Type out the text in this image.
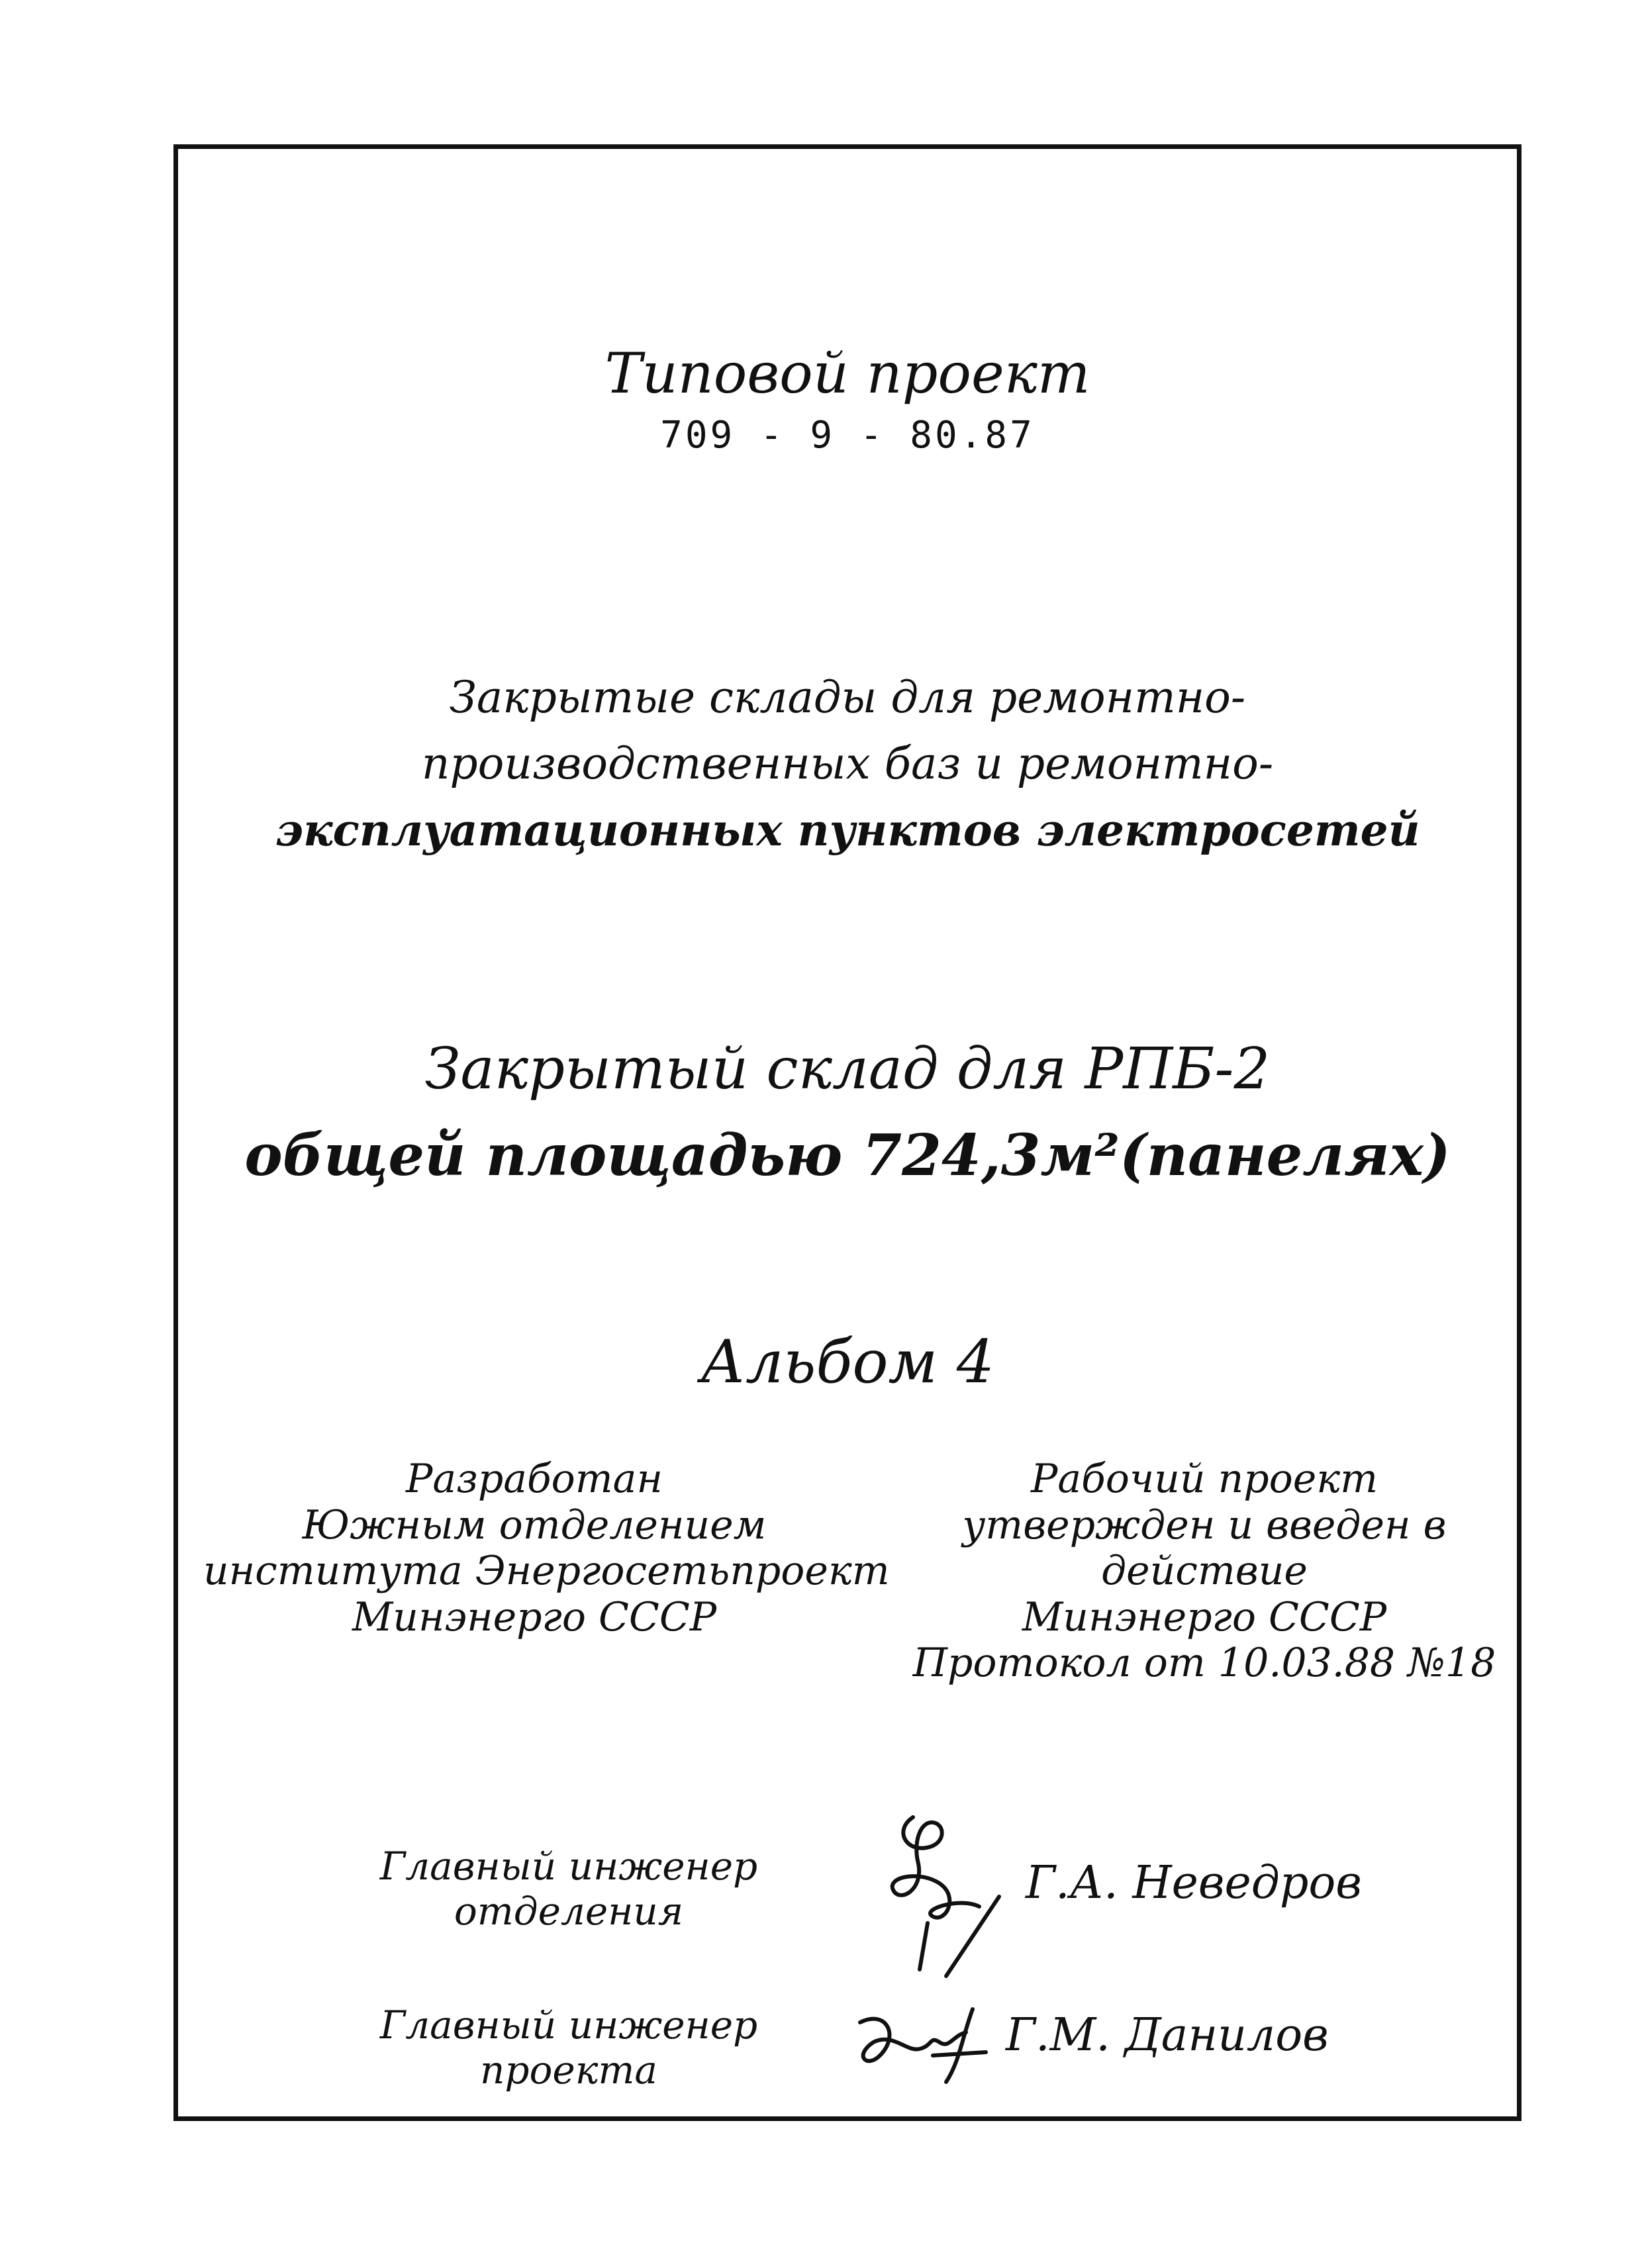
Типовой проект
709 - 9 - 80.87
Закрытые склады для ремонтно-
производственных баз и ремонтно-
эксплуатационных пунктов электросетей
Закрытый склад для РПБ-2
общей площадью 724,3м²(панелях)
Альбом 4
Разработан
Южным отделением
института Энергосетьпроект
Минэнерго СССР
Рабочий проект
утвержден и введен в
действие
Минэнерго СССР
Протокол от 10.03.88 №18
Главный инженер
отделения
Г.А. Неведров
Главный инженер
проекта
Г.М. Данилов
